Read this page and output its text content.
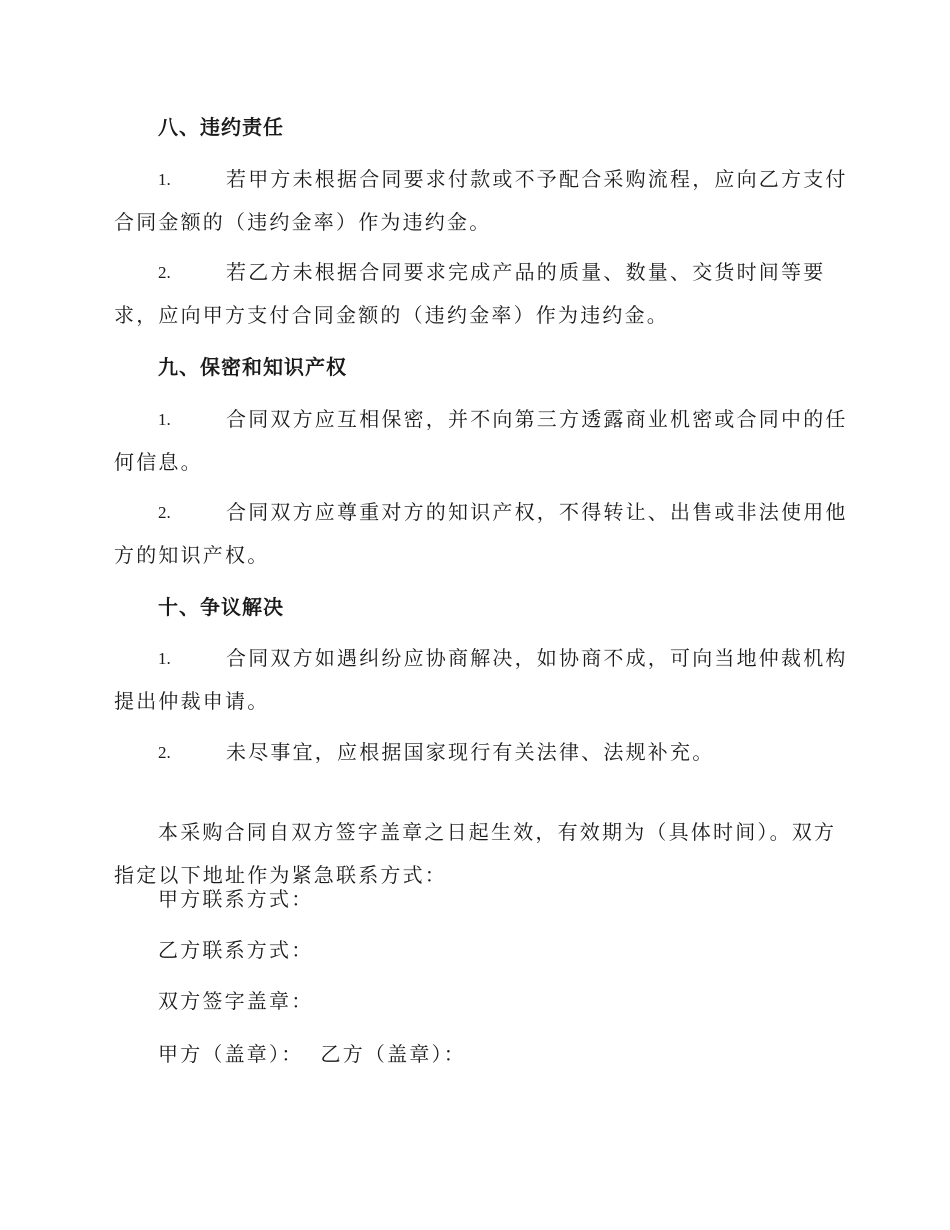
八、违约责任
1.	若甲方未根据合同要求付款或不予配合采购流程，应向乙方支付
合同金额的（违约金率）作为违约金。
2.	若乙方未根据合同要求完成产品的质量、数量、交货时间等要
求，应向甲方支付合同金额的（违约金率）作为违约金。
九、保密和知识产权
1.	合同双方应互相保密，并不向第三方透露商业机密或合同中的任
何信息。
2.	合同双方应尊重对方的知识产权，不得转让、出售或非法使用他
方的知识产权。
十、争议解决
1.	合同双方如遇纠纷应协商解决，如协商不成，可向当地仲裁机构
提出仲裁申请。
2.	未尽事宜，应根据国家现行有关法律、法规补充。
本采购合同自双方签字盖章之日起生效，有效期为（具体时间）。双方
指定以下地址作为紧急联系方式：
甲方联系方式：
乙方联系方式：
双方签字盖章：
甲方（盖章）：  乙方（盖章）：
